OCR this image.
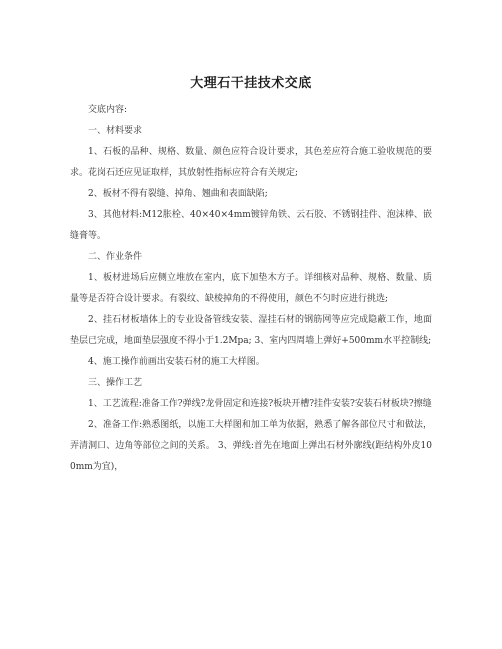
大理石干挂技术交底

交底内容:

一、材料要求

1、石板的品种、规格、数量、颜色应符合设计要求，其色差应符合施工验收规范的要求。花岗石还应见证取样，其放射性指标应符合有关规定;

2、板材不得有裂缝、掉角、翘曲和表面缺陷;

3、其他材料:M12胀栓、40×40×4mm镀锌角铁、云石胶、不锈钢挂件、泡沫棒、嵌缝膏等。

二、作业条件

1、板材进场后应侧立堆放在室内，底下加垫木方子。详细核对品种、规格、数量、质量等是否符合设计要求。有裂纹、缺棱掉角的不得使用，颜色不匀时应进行挑选;

2、挂石材板墙体上的专业设备管线安装、湿挂石材的钢筋网等应完成隐蔽工作，地面垫层已完成，地面垫层强度不得小于1.2Mpa; 3、室内四周墙上弹好+500mm水平控制线;

4、施工操作前画出安装石材的施工大样图。

三、操作工艺

1、工艺流程:准备工作?弹线?龙骨固定和连接?板块开槽?挂件安装?安装石材板块?擦缝

2、准备工作:熟悉图纸，以施工大样图和加工单为依据，熟悉了解各部位尺寸和做法，弄清洞口、边角等部位之间的关系。 3、弹线:首先在地面上弹出石材外廓线(距结构外皮100mm为宜)，
